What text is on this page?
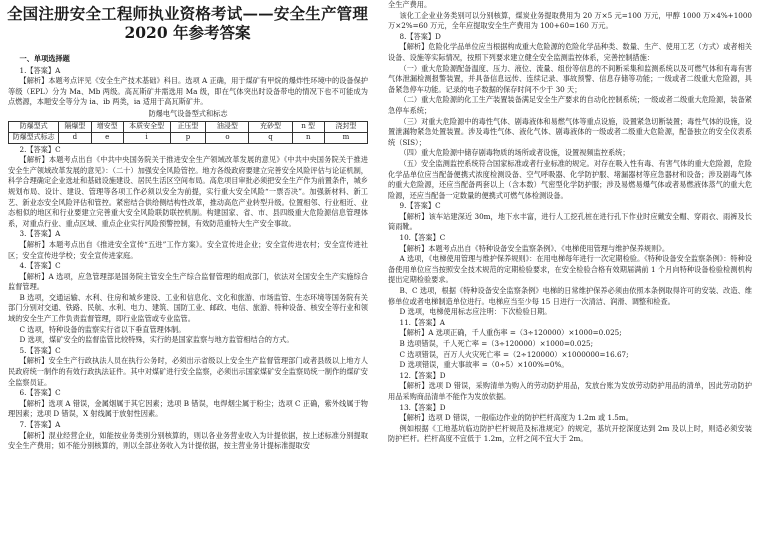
全国注册安全工程师执业资格考试——安全生产管理
2020 年参考答案

一、单项选择题

1.【答案】A

【解析】本题考点评见《安全生产技术基础》科目。选项 A 正确，用于煤矿有甲烷的爆炸性环境中的设备保护等级（EPL）分为 Ma、Mb 两级。高瓦斯矿井需选用 Ma 级，即在气体突出时设备带电的情况下也不可能成为点燃源，本题安全等分为 ia、ib 两类，ia 适用于高瓦斯矿井。

防爆电气设备型式和标志

防爆型式	隔爆型	增安型	本质安全型	正压型	油浸型	充砂型	n 型	浇封型
防爆型式标志	d	e	i	p	o	q	n	m

2.【答案】C

【解析】本题考点出自《中共中央国务院关于推进安全生产领域改革发展的意见》《中共中央国务院关于推进安全生产领域改革发展的意见》：（二十）加强安全风险管控。地方各级政府要建立完善安全风险评估与论证机制，科学合理确定企业选址和基础设施建设、居民生活区空间布局。高危项目审批必须把安全生产作为前置条件，城乡规划布局、设计、建设、管理等各项工作必须以安全为前提，实行重大安全风险“一票否决”。加强新材料、新工艺、新业态安全风险评估和管控。紧密结合供给侧结构性改革，推动高危产业转型升级。位置相邻、行业相近、业态相似的地区和行业要建立完善重大安全风险联防联控机制。构建国家、省、市、县四级重大危险源信息管理体系，对重点行业、重点区域、重点企业实行风险预警控制，有效防范重特大生产安全事故。

3.【答案】A

【解析】本题考点出自《推进安全宣传“五进”工作方案》。安全宣传进企业；安全宣传进农村；安全宣传进社区；安全宣传进学校；安全宣传进家庭。

4.【答案】C

【解析】A 选项，应急管理部是国务院主管安全生产综合监督管理的组成部门，依法对全国安全生产实施综合监督管理。

B 选项，交通运输、水利、住房和城乡建设、工业和信息化、文化和旅游、市场监管、生态环境等国务院有关部门分别对交通、铁路、民航、水利、电力、建筑、国防工业、邮政、电信、旅游、特种设备、核安全等行业和领域的安全生产工作负责监督管理，即行业监管或专业监管。

C 选项，特种设备的监察实行省以下垂直管理体制。

D 选项，煤矿安全的监督监管比较特殊，实行的是国家监察与地方监管相结合的方式。

5.【答案】C

【解析】安全生产行政执法人员在执行公务时，必须出示省级以上安全生产监督管理部门或者县级以上地方人民政府统一制作的有效行政执法证件。其中对煤矿进行安全监察，必须出示国家煤矿安全监察局统一制作的煤矿安全监察员证。

6.【答案】C

【解析】选项 A 错误，金属烟属于其它因素；选项 B 错误，电焊烟尘属于粉尘；选项 C 正确，紫外线属于物理因素；选项 D 错误，X 射线属于放射性因素。

7.【答案】A

【解析】混业经营企业，如能按业务类别分别核算的，则以各业务营业收入为计提依据，按上述标准分别提取安全生产费用；如不能分别核算的，则以全部业务收入为计提依据，按主营业务计提标准提取安

全生产费用。

该化工企业业务类别可以分别核算，煤炭业务提取费用为 20 万×5 元=100 万元，甲醇 1000 万×4%+1000 万×2%=60 万元，全年应提取安全生产费用为 100+60=160 万元。

8.【答案】D

【解析】危险化学品单位应当根据构成重大危险源的危险化学品种类、数量、生产、使用工艺（方式）或者相关设备、设施等实际情况，按照下列要求建立健全安全监测监控体系，完善控制措施：

（一）重大危险源配备温度、压力、液位、流量、组份等信息的不间断采集和监测系统以及可燃气体和有毒有害气体泄漏检测报警装置，并具备信息远传、连续记录、事故预警、信息存储等功能；一级或者二级重大危险源，具备紧急停车功能。记录的电子数据的保存时间不少于 30 天；

（二）重大危险源的化工生产装置装备满足安全生产要求的自动化控制系统；一级或者二级重大危险源，装备紧急停车系统；

（三）对重大危险源中的毒性气体、剧毒液体和易燃气体等重点设施，设置紧急切断装置；毒性气体的设施，设置泄漏物紧急处置装置。涉及毒性气体、液化气体、剧毒液体的一级或者二级重大危险源，配备独立的安全仪表系统（SIS）；

（四）重大危险源中储存剧毒物质的场所或者设施，设置视频监控系统；

（五）安全监测监控系统符合国家标准或者行业标准的规定。对存在吸入性有毒、有害气体的重大危险源，危险化学品单位应当配备便携式浓度检测设备、空气呼吸器、化学防护服、堵漏器材等应急器材和设备；涉及剧毒气体的重大危险源，还应当配备两套以上（含本数）气密型化学防护服；涉及易燃易爆气体或者易燃液体蒸气的重大危险源，还应当配备一定数量的便携式可燃气体检测设备。

9.【答案】C

【解析】该车站建深近 30m，地下水丰富，进行人工挖孔桩在进行孔下作业时应戴安全帽、穿雨衣、雨裤及长筒雨靴。

10.【答案】C

【解析】本题考点出自《特种设备安全监察条例》、《电梯使用管理与维护保养规则》。

A 选项，《电梯使用管理与维护保养规则》：在用电梯每年进行一次定期检验。《特种设备安全监察条例》：特种设备使用单位应当按照安全技术规范的定期检验要求，在安全检验合格有效期届满前 1 个月向特种设备检验检测机构提出定期检验要求。

B、C 选项，根据《特种设备安全监察条例》电梯的日常维护保养必须由依照本条例取得许可的安装、改造、维修单位或者电梯制造单位进行。电梯应当至少每 15 日进行一次清洁、润滑、调整和检查。

D 选项，电梯使用标志应注明：下次检验日期。

11.【答案】A

【解析】A 选项正确，千人重伤率 =（3÷120000）×1000=0.025;

B 选项错误，千人死亡率 =（3÷120000）×1000=0.025;

C 选项错误，百万人火灾死亡率 =（2÷120000）×1000000=16.67;

D 选项错误，重大事故率 =（0÷5）×100%=0%。

12.【答案】D

【解析】选项 D 错误，采购清单为购入的劳动防护用品，发放台账为发放劳动防护用品的清单，因此劳动防护用品采购商品清单不能作为发放依据。

13.【答案】D

【解析】选项 D 错误，一般临边作业的防护栏杆高度为 1.2m 或 1.5m。

例如根据《工地基坑临边防护栏杆规范及标准规定》的规定，基坑开挖深度达到 2m 及以上时，则适必须安装防护栏杆。栏杆高度不宜低于 1.2m，立杆之间不宜大于 2m。
